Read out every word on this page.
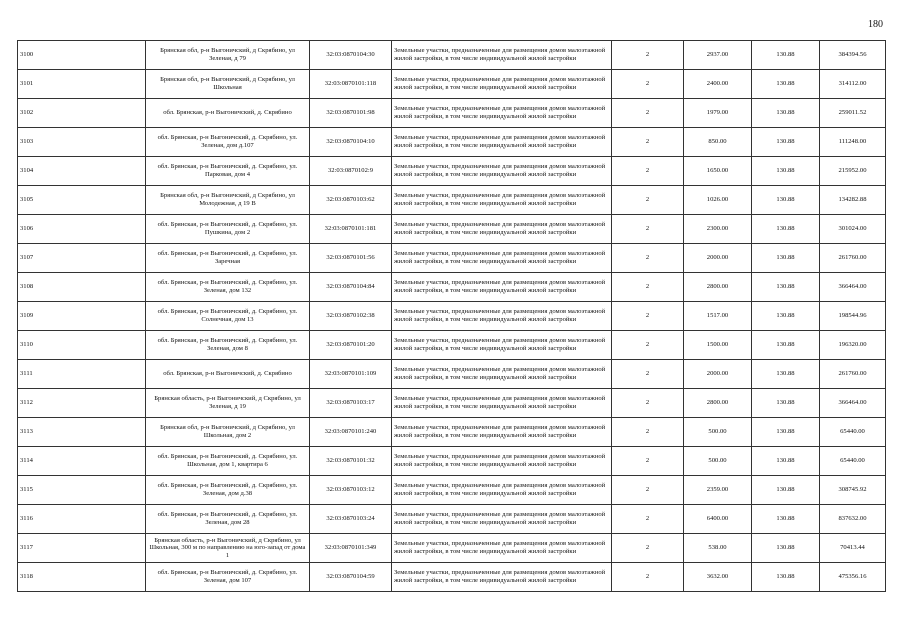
180
3100	Брянская обл, р-н Выгоничский, д Скрябино, ул Зеленая, д 79	32:03:0870104:30	Земельные участки, предназначенные для размещения домов малоэтажной жилой застройки, в том числе индивидуальной жилой застройки	2	2937.00	130.88	384394.56
3101	Брянская обл, р-н Выгоничский, д Скрябино, ул Школьная	32:03:0870101:118	Земельные участки, предназначенные для размещения домов малоэтажной жилой застройки, в том числе индивидуальной жилой застройки	2	2400.00	130.88	314112.00
3102	обл. Брянская, р-н Выгоничский, д. Скрябино	32:03:0870101:98	Земельные участки, предназначенные для размещения домов малоэтажной жилой застройки, в том числе индивидуальной жилой застройки	2	1979.00	130.88	259011.52
3103	обл. Брянская, р-н Выгоничский, д. Скрябино, ул. Зеленая, дом д.107	32:03:0870104:10	Земельные участки, предназначенные для размещения домов малоэтажной жилой застройки, в том числе индивидуальной жилой застройки	2	850.00	130.88	111248.00
3104	обл. Брянская, р-н Выгоничский, д. Скрябино, ул. Парковая, дом 4	32:03:0870102:9	Земельные участки, предназначенные для размещения домов малоэтажной жилой застройки, в том числе индивидуальной жилой застройки	2	1650.00	130.88	215952.00
3105	Брянская обл, р-н Выгоничский, д Скрябино, ул Молодежная, д 19 В	32:03:0870103:62	Земельные участки, предназначенные для размещения домов малоэтажной жилой застройки, в том числе индивидуальной жилой застройки	2	1026.00	130.88	134282.88
3106	обл. Брянская, р-н Выгоничский, д. Скрябино, ул. Пушкина, дом 2	32:03:0870101:181	Земельные участки, предназначенные для размещения домов малоэтажной жилой застройки, в том числе индивидуальной жилой застройки	2	2300.00	130.88	301024.00
3107	обл. Брянская, р-н Выгоничский, д. Скрябино, ул. Заречная	32:03:0870101:56	Земельные участки, предназначенные для размещения домов малоэтажной жилой застройки, в том числе индивидуальной жилой застройки	2	2000.00	130.88	261760.00
3108	обл. Брянская, р-н Выгоничский, д. Скрябино, ул. Зеленая, дом 132	32:03:0870104:84	Земельные участки, предназначенные для размещения домов малоэтажной жилой застройки, в том числе индивидуальной жилой застройки	2	2800.00	130.88	366464.00
3109	обл. Брянская, р-н Выгоничский, д. Скрябино, ул. Солнечная, дом 13	32:03:0870102:38	Земельные участки, предназначенные для размещения домов малоэтажной жилой застройки, в том числе индивидуальной жилой застройки	2	1517.00	130.88	198544.96
3110	обл. Брянская, р-н Выгоничский, д. Скрябино, ул. Зеленая, дом 8	32:03:0870101:20	Земельные участки, предназначенные для размещения домов малоэтажной жилой застройки, в том числе индивидуальной жилой застройки	2	1500.00	130.88	196320.00
3111	обл. Брянская, р-н Выгоничский, д. Скрябино	32:03:0870101:109	Земельные участки, предназначенные для размещения домов малоэтажной жилой застройки, в том числе индивидуальной жилой застройки	2	2000.00	130.88	261760.00
3112	Брянская область, р-н Выгоничский, д Скрябино, ул Зеленая, д 19	32:03:0870103:17	Земельные участки, предназначенные для размещения домов малоэтажной жилой застройки, в том числе индивидуальной жилой застройки	2	2800.00	130.88	366464.00
3113	Брянская обл, р-н Выгоничский, д Скрябино, ул Школьная, дом 2	32:03:0870101:240	Земельные участки, предназначенные для размещения домов малоэтажной жилой застройки, в том числе индивидуальной жилой застройки	2	500.00	130.88	65440.00
3114	обл. Брянская, р-н Выгоничский, д. Скрябино, ул. Школьная, дом 1, квартира 6	32:03:0870101:32	Земельные участки, предназначенные для размещения домов малоэтажной жилой застройки, в том числе индивидуальной жилой застройки	2	500.00	130.88	65440.00
3115	обл. Брянская, р-н Выгоничский, д. Скрябино, ул. Зеленая, дом д.38	32:03:0870103:12	Земельные участки, предназначенные для размещения домов малоэтажной жилой застройки, в том числе индивидуальной жилой застройки	2	2359.00	130.88	308745.92
3116	обл. Брянская, р-н Выгоничский, д. Скрябино, ул. Зеленая, дом 28	32:03:0870103:24	Земельные участки, предназначенные для размещения домов малоэтажной жилой застройки, в том числе индивидуальной жилой застройки	2	6400.00	130.88	837632.00
3117	Брянская область, р-н Выгоничский, д Скрябино, ул Школьная, 300 м по направлению на юго-запад от дома 1	32:03:0870101:349	Земельные участки, предназначенные для размещения домов малоэтажной жилой застройки, в том числе индивидуальной жилой застройки	2	538.00	130.88	70413.44
3118	обл. Брянская, р-н Выгоничский, д. Скрябино, ул. Зеленая, дом 107	32:03:0870104:59	Земельные участки, предназначенные для размещения домов малоэтажной жилой застройки, в том числе индивидуальной жилой застройки	2	3632.00	130.88	475356.16
